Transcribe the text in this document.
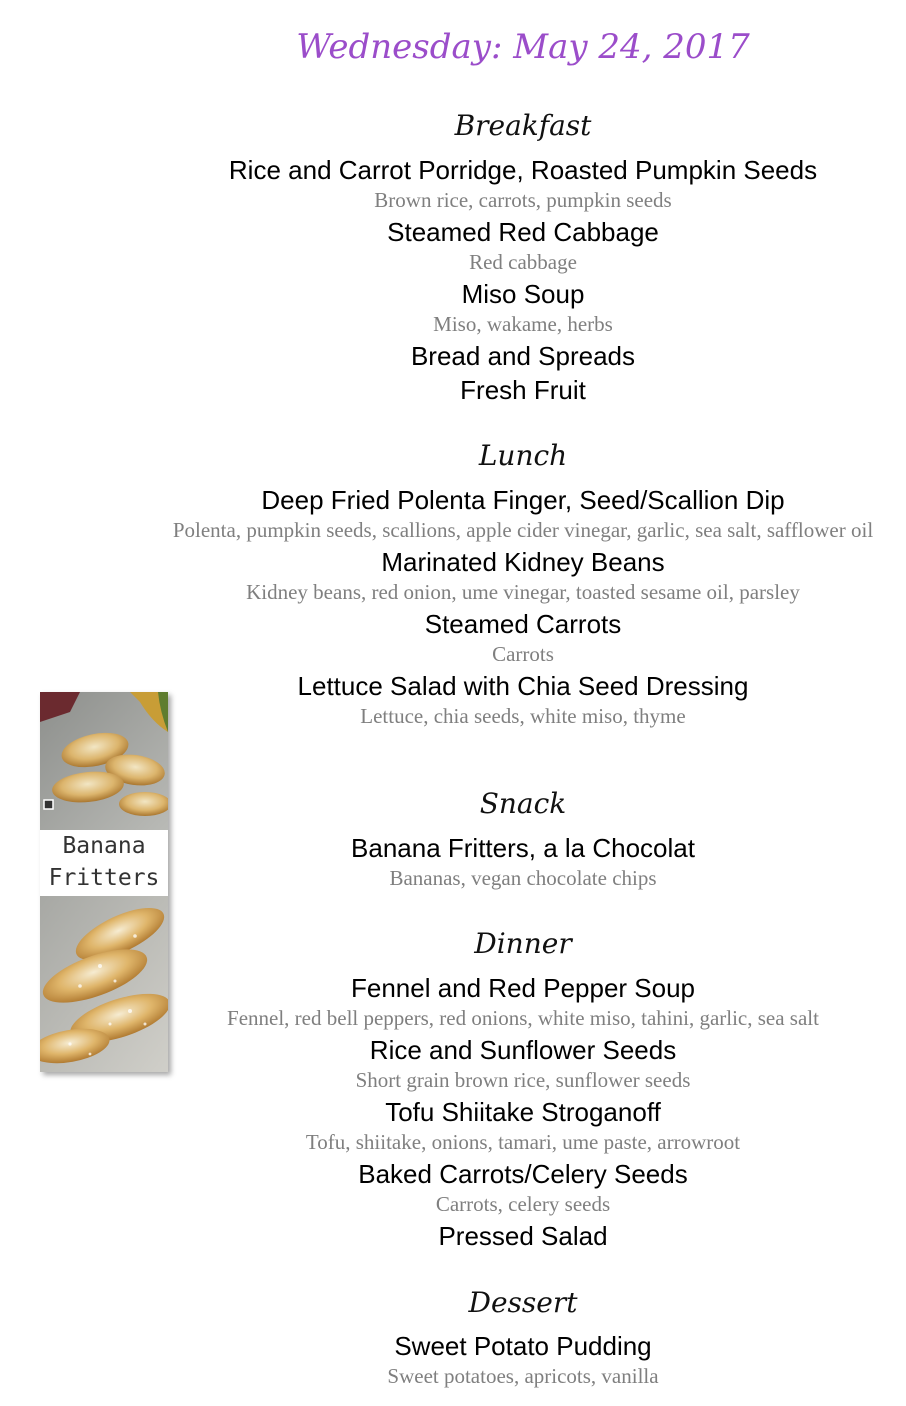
Wednesday: May 24, 2017
Breakfast
Rice and Carrot Porridge, Roasted Pumpkin Seeds
Brown rice, carrots, pumpkin seeds
Steamed Red Cabbage
Red cabbage
Miso Soup
Miso, wakame, herbs
Bread and Spreads
Fresh Fruit
Lunch
Deep Fried Polenta Finger, Seed/Scallion Dip
Polenta, pumpkin seeds, scallions, apple cider vinegar, garlic, sea salt, safflower oil
Marinated Kidney Beans
Kidney beans, red onion, ume vinegar, toasted sesame oil, parsley
Steamed Carrots
Carrots
Lettuce Salad with Chia Seed Dressing
Lettuce, chia seeds, white miso, thyme
Snack
Banana Fritters, a la Chocolat
Bananas, vegan chocolate chips
Dinner
Fennel and Red Pepper Soup
Fennel, red bell peppers, red onions, white miso, tahini, garlic, sea salt
Rice and Sunflower Seeds
Short grain brown rice, sunflower seeds
Tofu Shiitake Stroganoff
Tofu, shiitake, onions, tamari, ume paste, arrowroot
Baked Carrots/Celery Seeds
Carrots, celery seeds
Pressed Salad
Dessert
Sweet Potato Pudding
Sweet potatoes, apricots, vanilla
Banana
Fritters
